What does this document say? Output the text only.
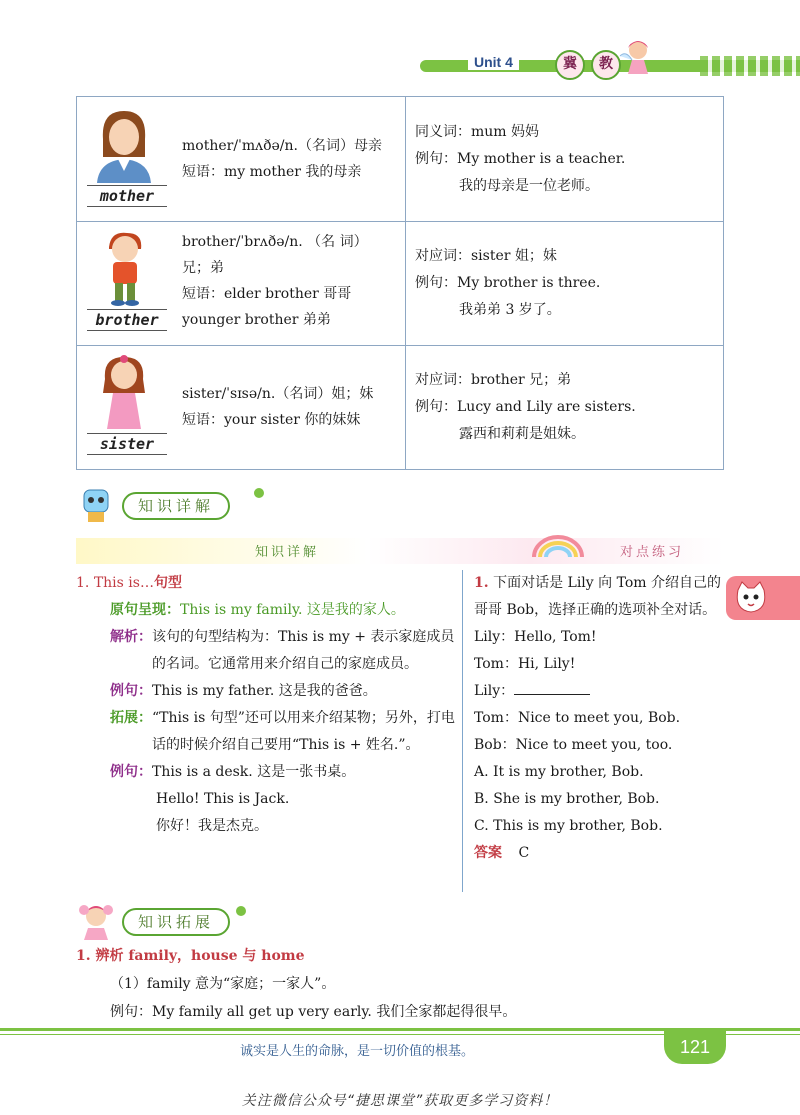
Unit 4	冀	教
mother
mother/ˈmʌðə/n.（名词）母亲
短语：my mother 我的母亲
同义词：mum 妈妈
例句：My mother is a teacher.
我的母亲是一位老师。
brother
brother/ˈbrʌðə/n. （名 词）
兄；弟
短语：elder brother 哥哥
younger brother 弟弟
对应词：sister 姐；妹
例句：My brother is three.
我弟弟 3 岁了。
sister
sister/ˈsɪsə/n.（名词）姐；妹
短语：your sister 你的妹妹
对应词：brother 兄；弟
例句：Lucy and Lily are sisters.
露西和莉莉是姐妹。
知识详解
知识详解	对点练习
1. This is…句型
原句呈现：This is my family. 这是我的家人。
解析： 该句的句型结构为：This is my + 表示家庭成员的名词。它通常用来介绍自己的家庭成员。
例句：This is my father. 这是我的爸爸。
拓展： “This is 句型”还可以用来介绍某物；另外，打电话的时候介绍自己要用“This is + 姓名.”。
例句：This is a desk. 这是一张书桌。
Hello! This is Jack.
你好！我是杰克。
1. 下面对话是 Lily 向 Tom 介绍自己的哥哥 Bob，选择正确的选项补全对话。
Lily：Hello, Tom!
Tom：Hi, Lily!
Lily：
Tom：Nice to meet you, Bob.
Bob：Nice to meet you, too.
A. It is my brother, Bob.
B. She is my brother, Bob.
C. This is my brother, Bob.
答案 C
知识拓展
1. 辨析 family，house 与 home
（1）family 意为“家庭；一家人”。
例句：My family all get up very early. 我们全家都起得很早。
诚实是人生的命脉，是一切价值的根基。	121
关注微信公众号“捷思课堂”获取更多学习资料！
